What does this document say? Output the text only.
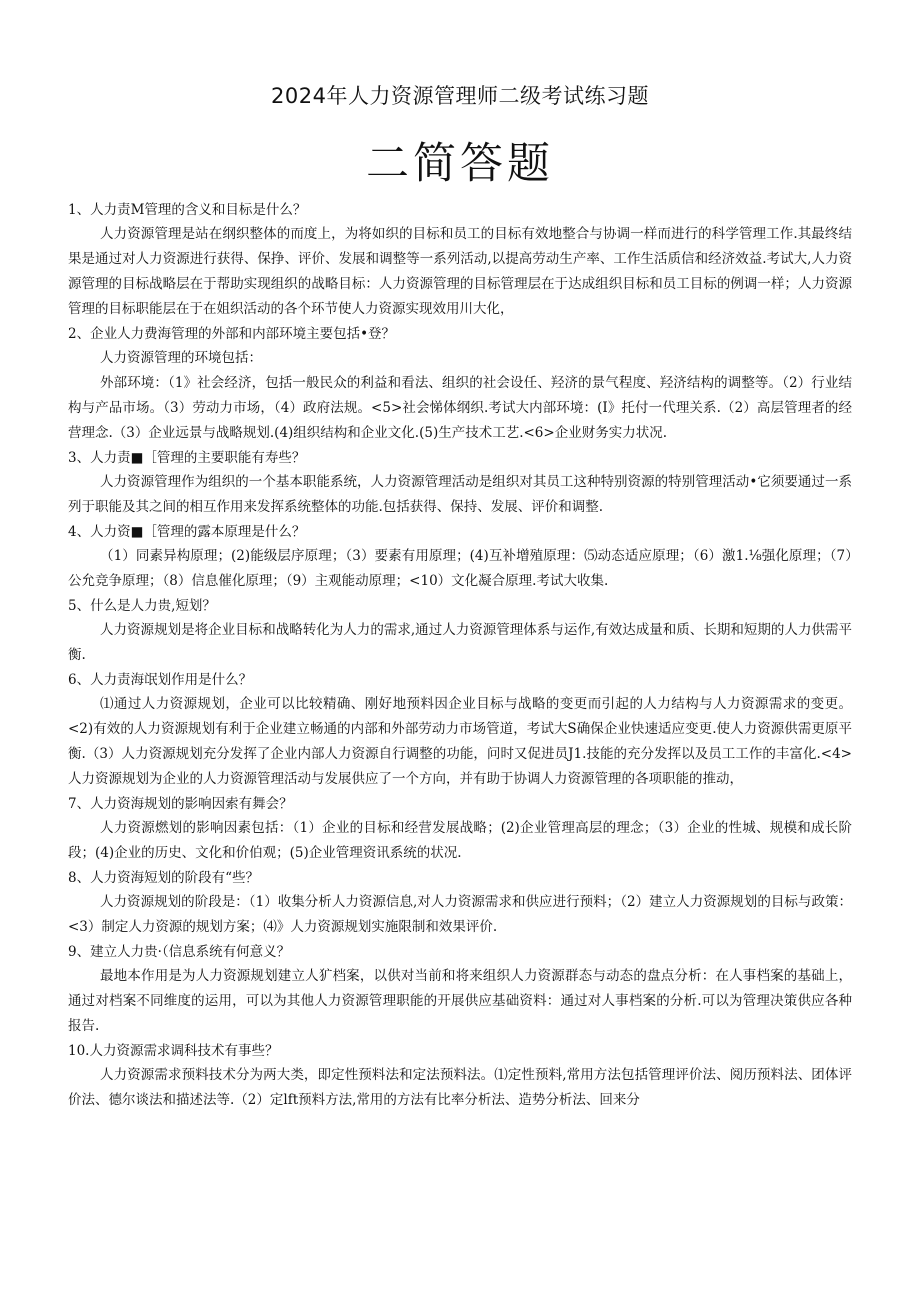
2024年人力资源管理师二级考试练习题
二简答题

1、人力责M管理的含义和目标是什么？

人力资源管理是站在纲织整体的而度上，为将如织的目标和员工的目标有效地整合与协调一样而进行的科学管理工作.其最终结果是通过对人力资源进行获得、保挣、评价、发展和调整等一系列活动,以提高劳动生产率、工作生活质信和经济效益.考试大,人力资源管理的目标战略层在于帮助实现组织的战略目标：人力资源管理的目标管理层在于达成组织目标和员工目标的例调一样；人力资源管理的目标职能层在于在姐织活动的各个环节使人力资源实现效用川大化，

2、企业人力费海管理的外部和内部环境主要包括•登？

人力资源管理的环境包括：

外部环境：（1》社会经济，包括一般民众的利益和看法、组织的社会设任、羟济的景气程度、羟济结构的调整等。（2）行业结构与产品市场。（3）劳动力市场，（4）政府法规。<5>社会悌体纲织.考试大内部环境：(I》托付一代理关系.（2）高层管理者的经营理念.（3）企业远景与战略规划.(4)组织结构和企业文化.(5)生产技术工艺.<6>企业财务实力状况.

3、人力责■［管理的主要职能有寿些？

人力资源管理作为组织的一个基本职能系统，人力资源管理活动是组织对其员工这种特别资源的特别管理活动•它须要通过一系列于职能及其之间的相互作用来发挥系统整体的功能.包括获得、保持、发展、评价和调整.

4、人力资■［管理的露本原理是什么？

（1）同素异构原理；(2)能级层序原理；（3）要素有用原理；(4)互补增殖原理：⑸动态适应原理；（6）激1.⅛强化原理；（7）公允竞争原理；（8）信息催化原理；（9）主观能动原理；<10）文化凝合原理.考试大收集.

5、什么是人力贵,短划？

人力资源规划是将企业目标和战略转化为人力的需求,通过人力资源管理体系与运作,有效达成量和质、长期和短期的人力供需平衡.

6、人力责海氓划作用是什么？

⑴通过人力资源规划，企业可以比较精确、刚好地预料因企业目标与战略的变更而引起的人力结构与人力资源需求的变更。<2)有效的人力资源规划有利于企业建立畅通的内部和外部劳动力市场管道，考试大S确保企业快速适应变更.使人力资源供需更原平衡.（3）人力资源规划充分发挥了企业内部人力资源自行调整的功能，问时又促进员J1.技能的充分发挥以及员工工作的丰富化.<4>人力资源规划为企业的人力资源管理活动与发展供应了一个方向，并有助于协调人力资源管理的各项职能的推动，

7、人力资海规划的影响因索有舞会？

人力资源燃划的影响因素包括：（1）企业的目标和经营发展战略；(2)企业管理高层的理念；（3）企业的性城、规模和成长阶段；(4)企业的历史、文化和价伯观；(5)企业管理资讯系统的状况.

8、人力资海短划的阶段有“些？

人力资源规划的阶段是：（1）收集分析人力资源信息,对人力资源需求和供应进行预料；（2）建立人力资源规划的目标与政策：<3）制定人力资源的规划方案；⑷》人力资源规划实施限制和效果评价.

9、建立人力贵·（信息系统有何意义？

最地本作用是为人力资源规划建立人犷档案，以供对当前和将来组织人力资源群态与动态的盘点分析：在人事档案的基础上，通过对档案不同维度的运用，可以为其他人力资源管理职能的开展供应基础资料：通过对人事档案的分析.可以为管理决策供应各种报告.

10.人力资源需求调科技术有事些？

人力资源需求预料技术分为两大类，即定性预料法和定法预料法。⑴定性预料,常用方法包括管理评价法、阅历预料法、团体评价法、德尔谈法和描述法等.（2）定lft预料方法,常用的方法有比率分析法、造势分析法、回来分
